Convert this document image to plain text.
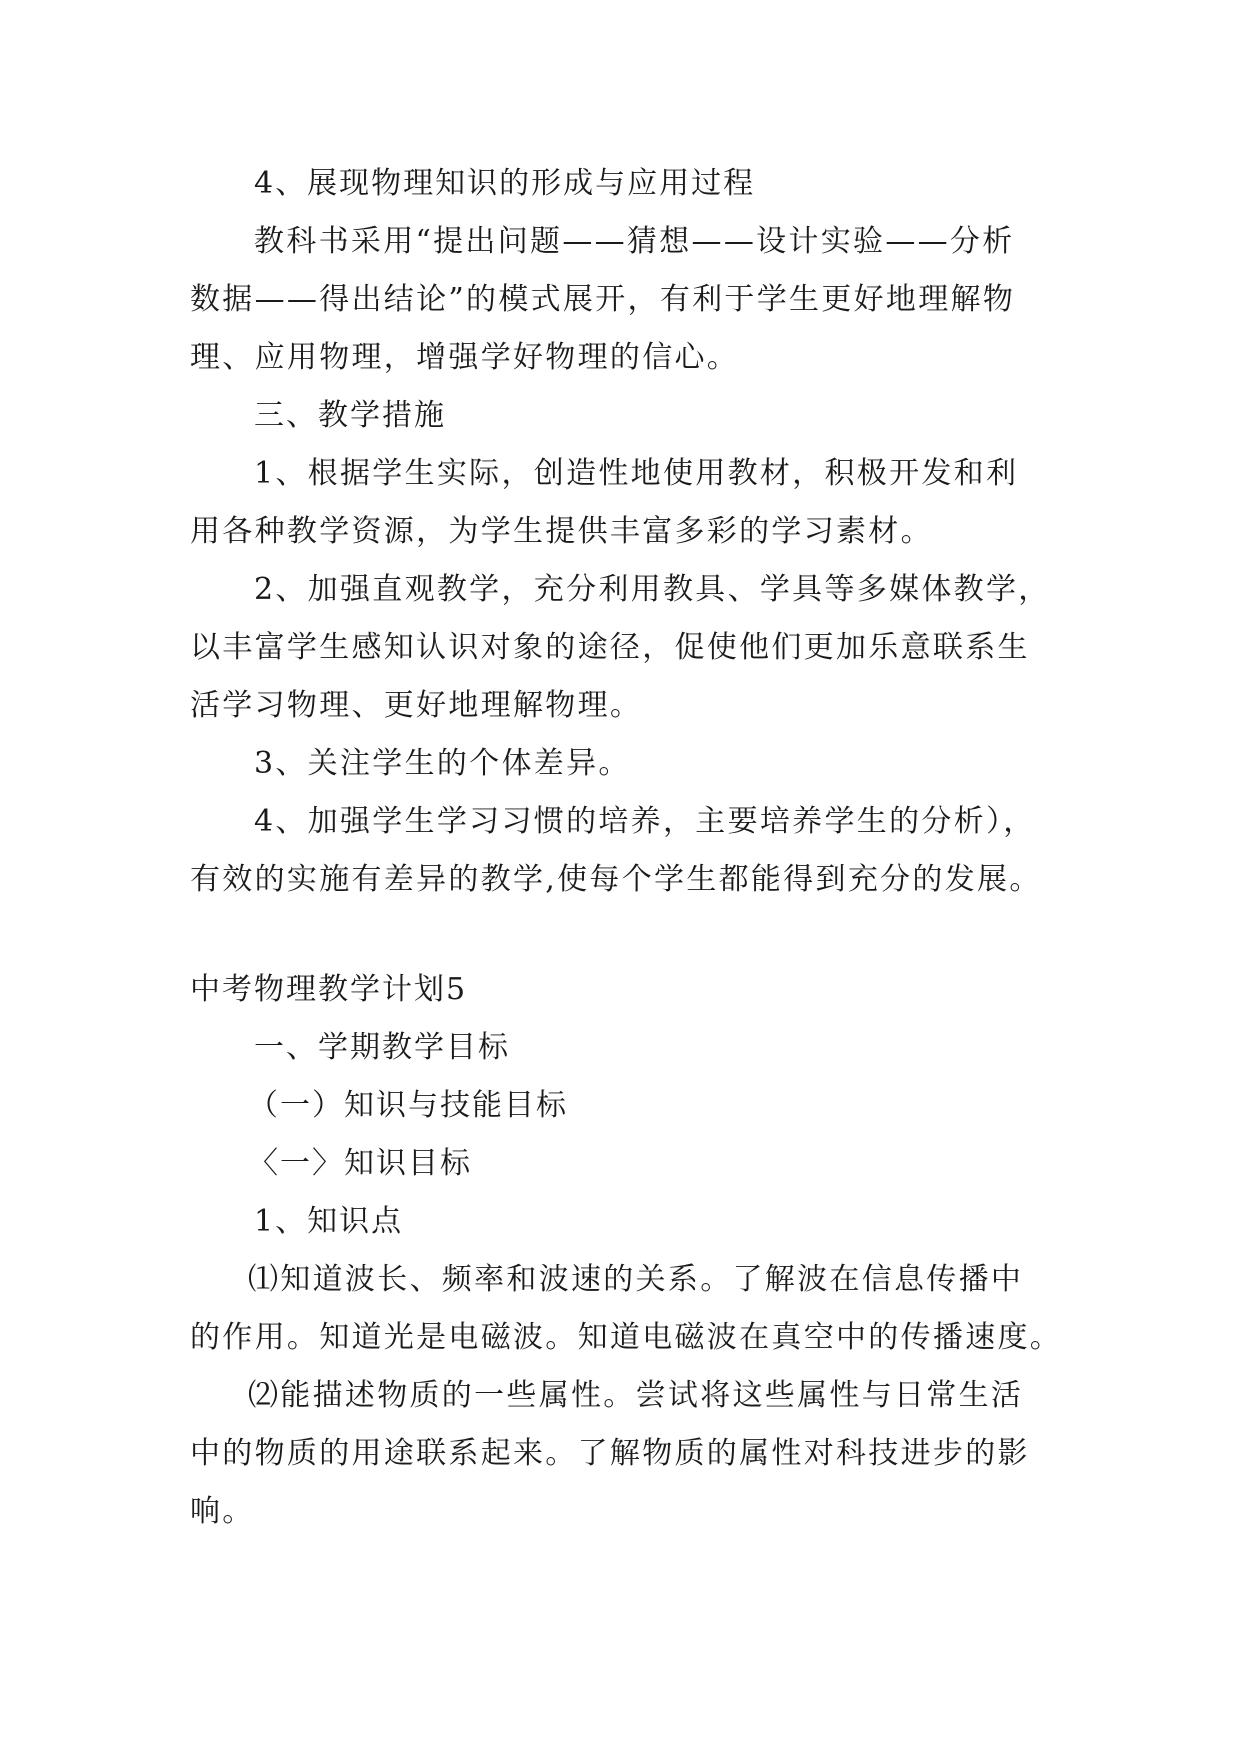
4、展现物理知识的形成与应用过程
教科书采用“提出问题——猜想——设计实验——分析
数据——得出结论”的模式展开，有利于学生更好地理解物
理、应用物理，增强学好物理的信心。
三、教学措施
1、根据学生实际，创造性地使用教材，积极开发和利
用各种教学资源，为学生提供丰富多彩的学习素材。
2、加强直观教学，充分利用教具、学具等多媒体教学，
以丰富学生感知认识对象的途径，促使他们更加乐意联系生
活学习物理、更好地理解物理。
3、关注学生的个体差异。
4、加强学生学习习惯的培养，主要培养学生的分析），
有效的实施有差异的教学,使每个学生都能得到充分的发展。
中考物理教学计划5
一、学期教学目标
（一）知识与技能目标
〈一〉知识目标
1、知识点
⑴知道波长、频率和波速的关系。了解波在信息传播中
的作用。知道光是电磁波。知道电磁波在真空中的传播速度。
⑵能描述物质的一些属性。尝试将这些属性与日常生活
中的物质的用途联系起来。了解物质的属性对科技进步的影
响。
